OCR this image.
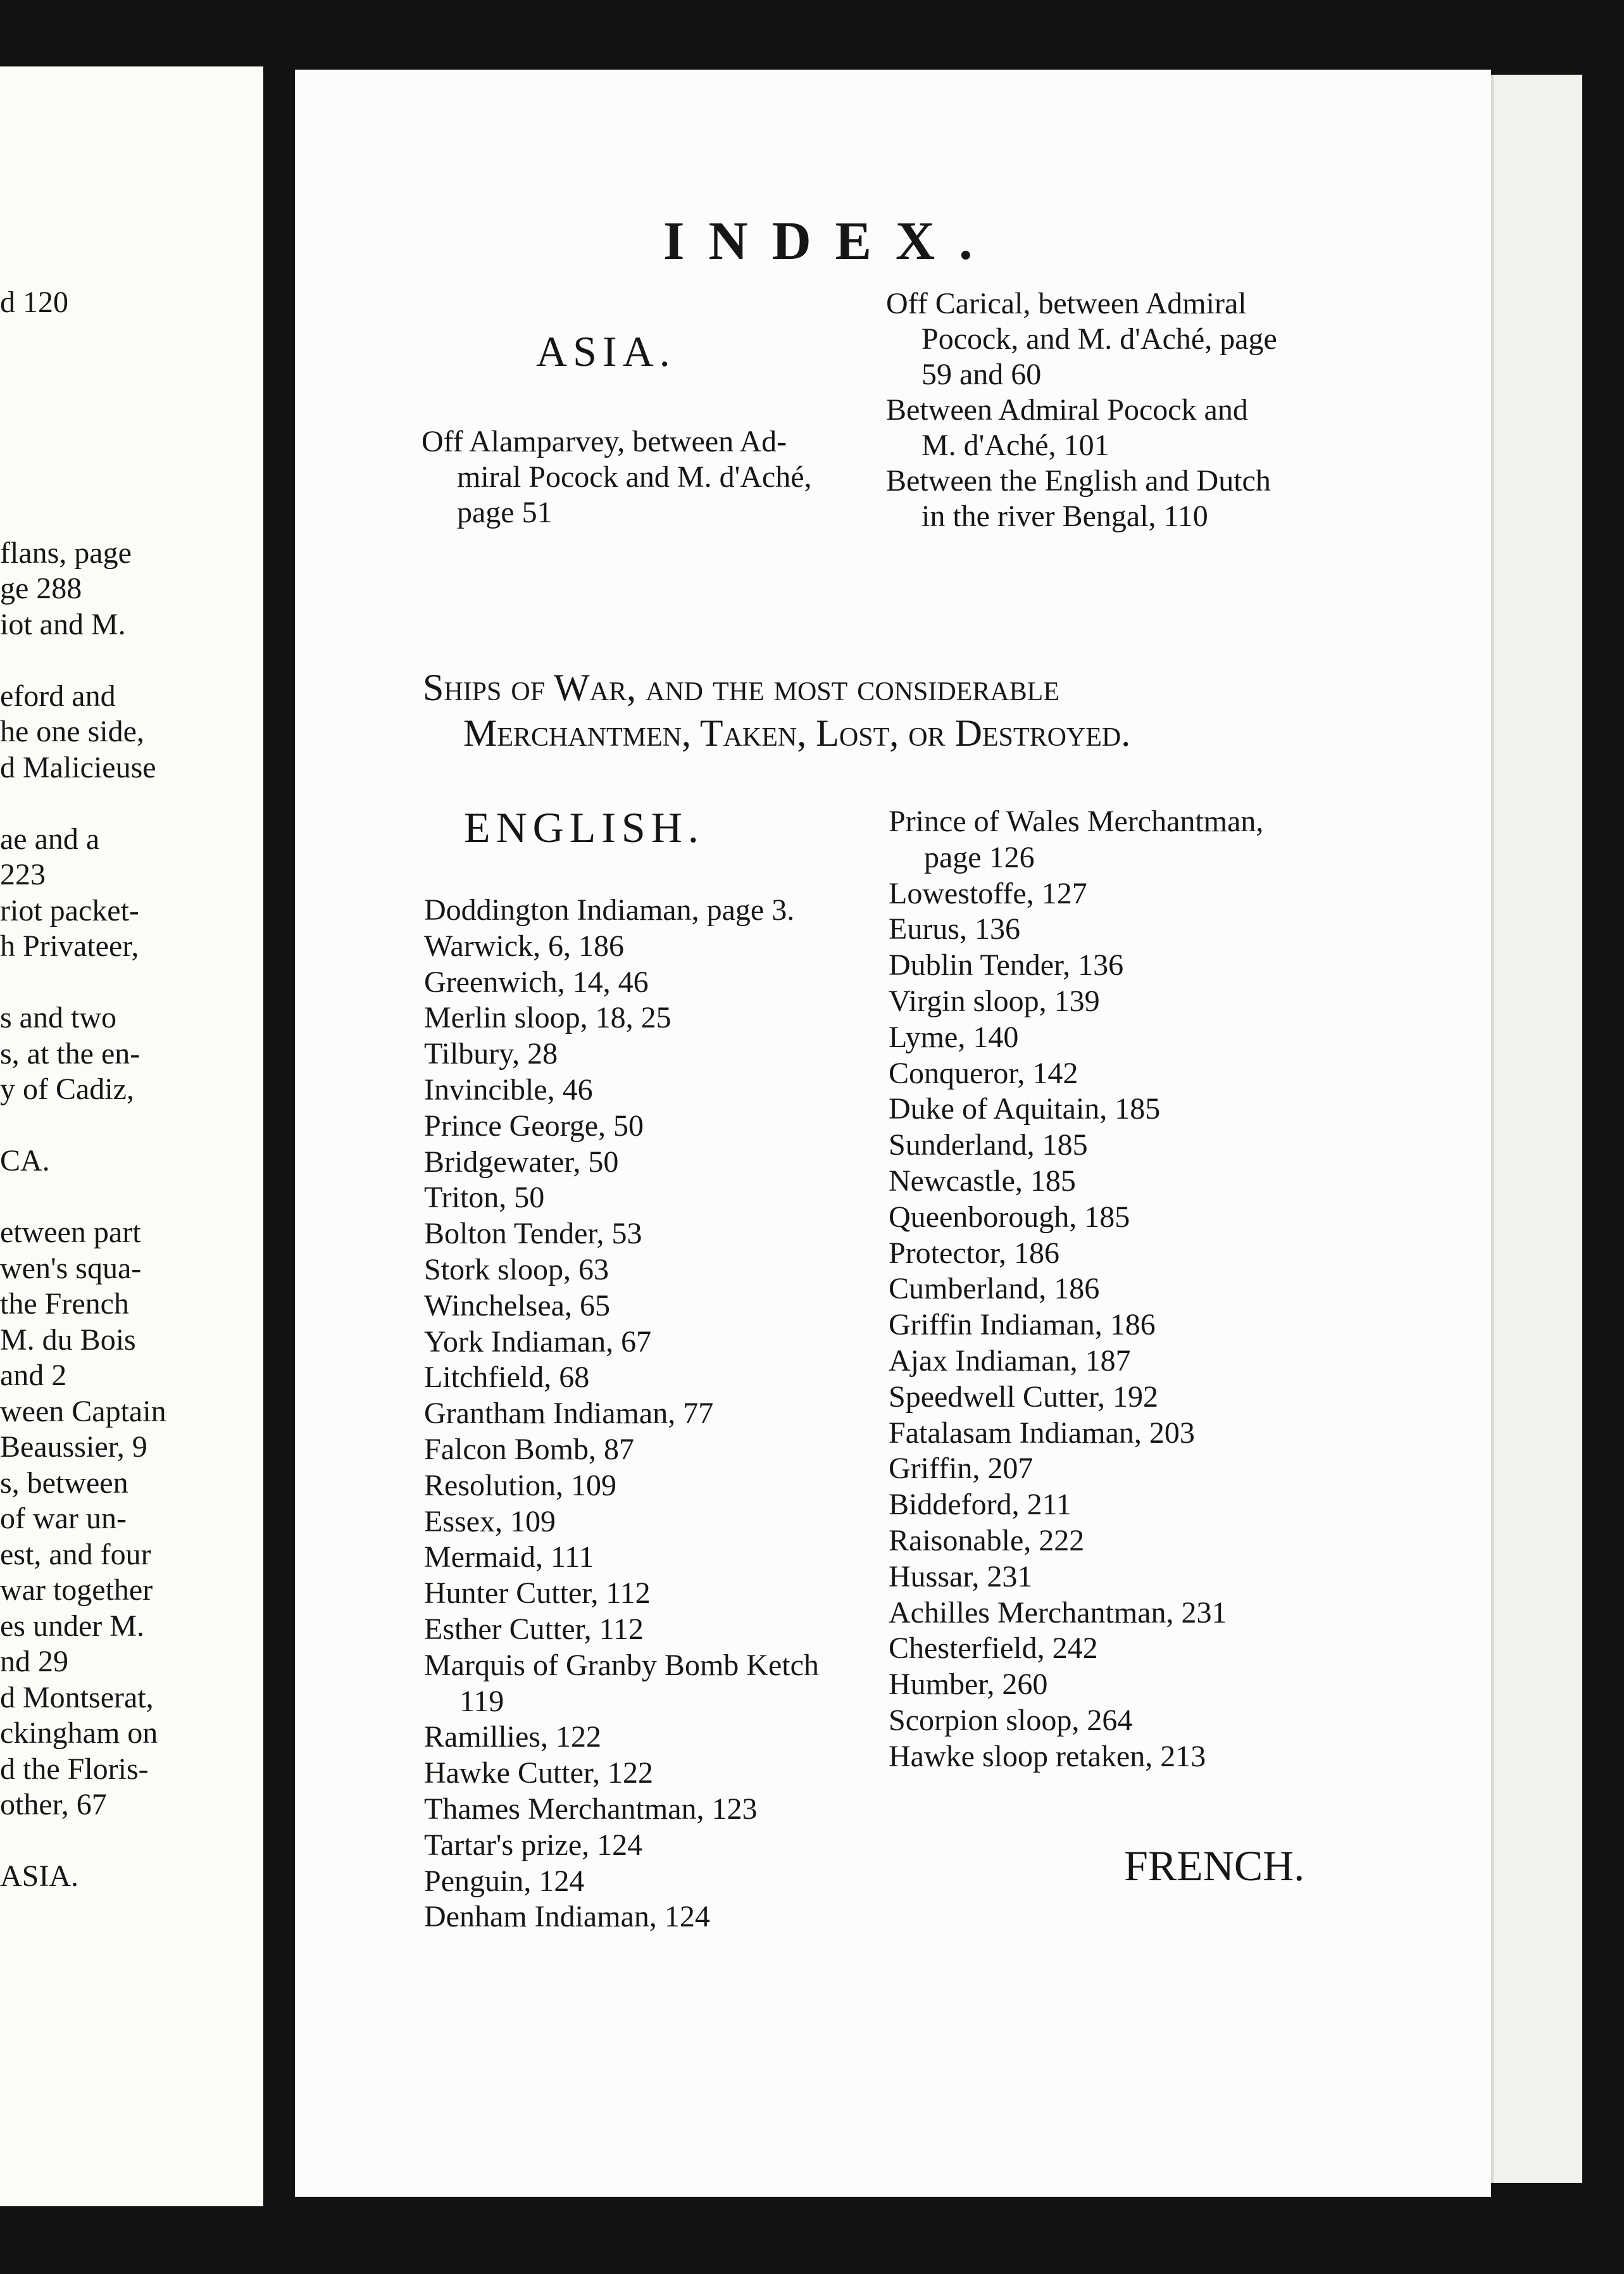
d 120
flans, page
ge 288
iot and M.
eford and
he one side,
d Malicieuse
ae and a
223
riot packet-
h Privateer,
s and two
s, at the en-
y of Cadiz,
CA.
etween part
wen's squa-
the French
M. du Bois
and 2
ween Captain
Beaussier, 9
s, between
of war un-
est, and four
war together
es under M.
nd 29
d Montserat,
ckingham on
d the Floris-
other, 67
ASIA.
INDEX.
ASIA.
Off Alamparvey, between Ad-
miral Pocock and M. d'Aché,
page 51
Off Carical, between Admiral
Pocock, and M. d'Aché, page
59 and 60
Between Admiral Pocock and
M. d'Aché, 101
Between the English and Dutch
in the river Bengal, 110
Ships of War, and the most considerable
Merchantmen, Taken, Lost, or Destroyed.
ENGLISH.
Doddington Indiaman, page 3.
Warwick, 6, 186
Greenwich, 14, 46
Merlin sloop, 18, 25
Tilbury, 28
Invincible, 46
Prince George, 50
Bridgewater, 50
Triton, 50
Bolton Tender, 53
Stork sloop, 63
Winchelsea, 65
York Indiaman, 67
Litchfield, 68
Grantham Indiaman, 77
Falcon Bomb, 87
Resolution, 109
Essex, 109
Mermaid, 111
Hunter Cutter, 112
Esther Cutter, 112
Marquis of Granby Bomb Ketch
119
Ramillies, 122
Hawke Cutter, 122
Thames Merchantman, 123
Tartar's prize, 124
Penguin, 124
Denham Indiaman, 124
Prince of Wales Merchantman,
page 126
Lowestoffe, 127
Eurus, 136
Dublin Tender, 136
Virgin sloop, 139
Lyme, 140
Conqueror, 142
Duke of Aquitain, 185
Sunderland, 185
Newcastle, 185
Queenborough, 185
Protector, 186
Cumberland, 186
Griffin Indiaman, 186
Ajax Indiaman, 187
Speedwell Cutter, 192
Fatalasam Indiaman, 203
Griffin, 207
Biddeford, 211
Raisonable, 222
Hussar, 231
Achilles Merchantman, 231
Chesterfield, 242
Humber, 260
Scorpion sloop, 264
Hawke sloop retaken, 213
FRENCH.
